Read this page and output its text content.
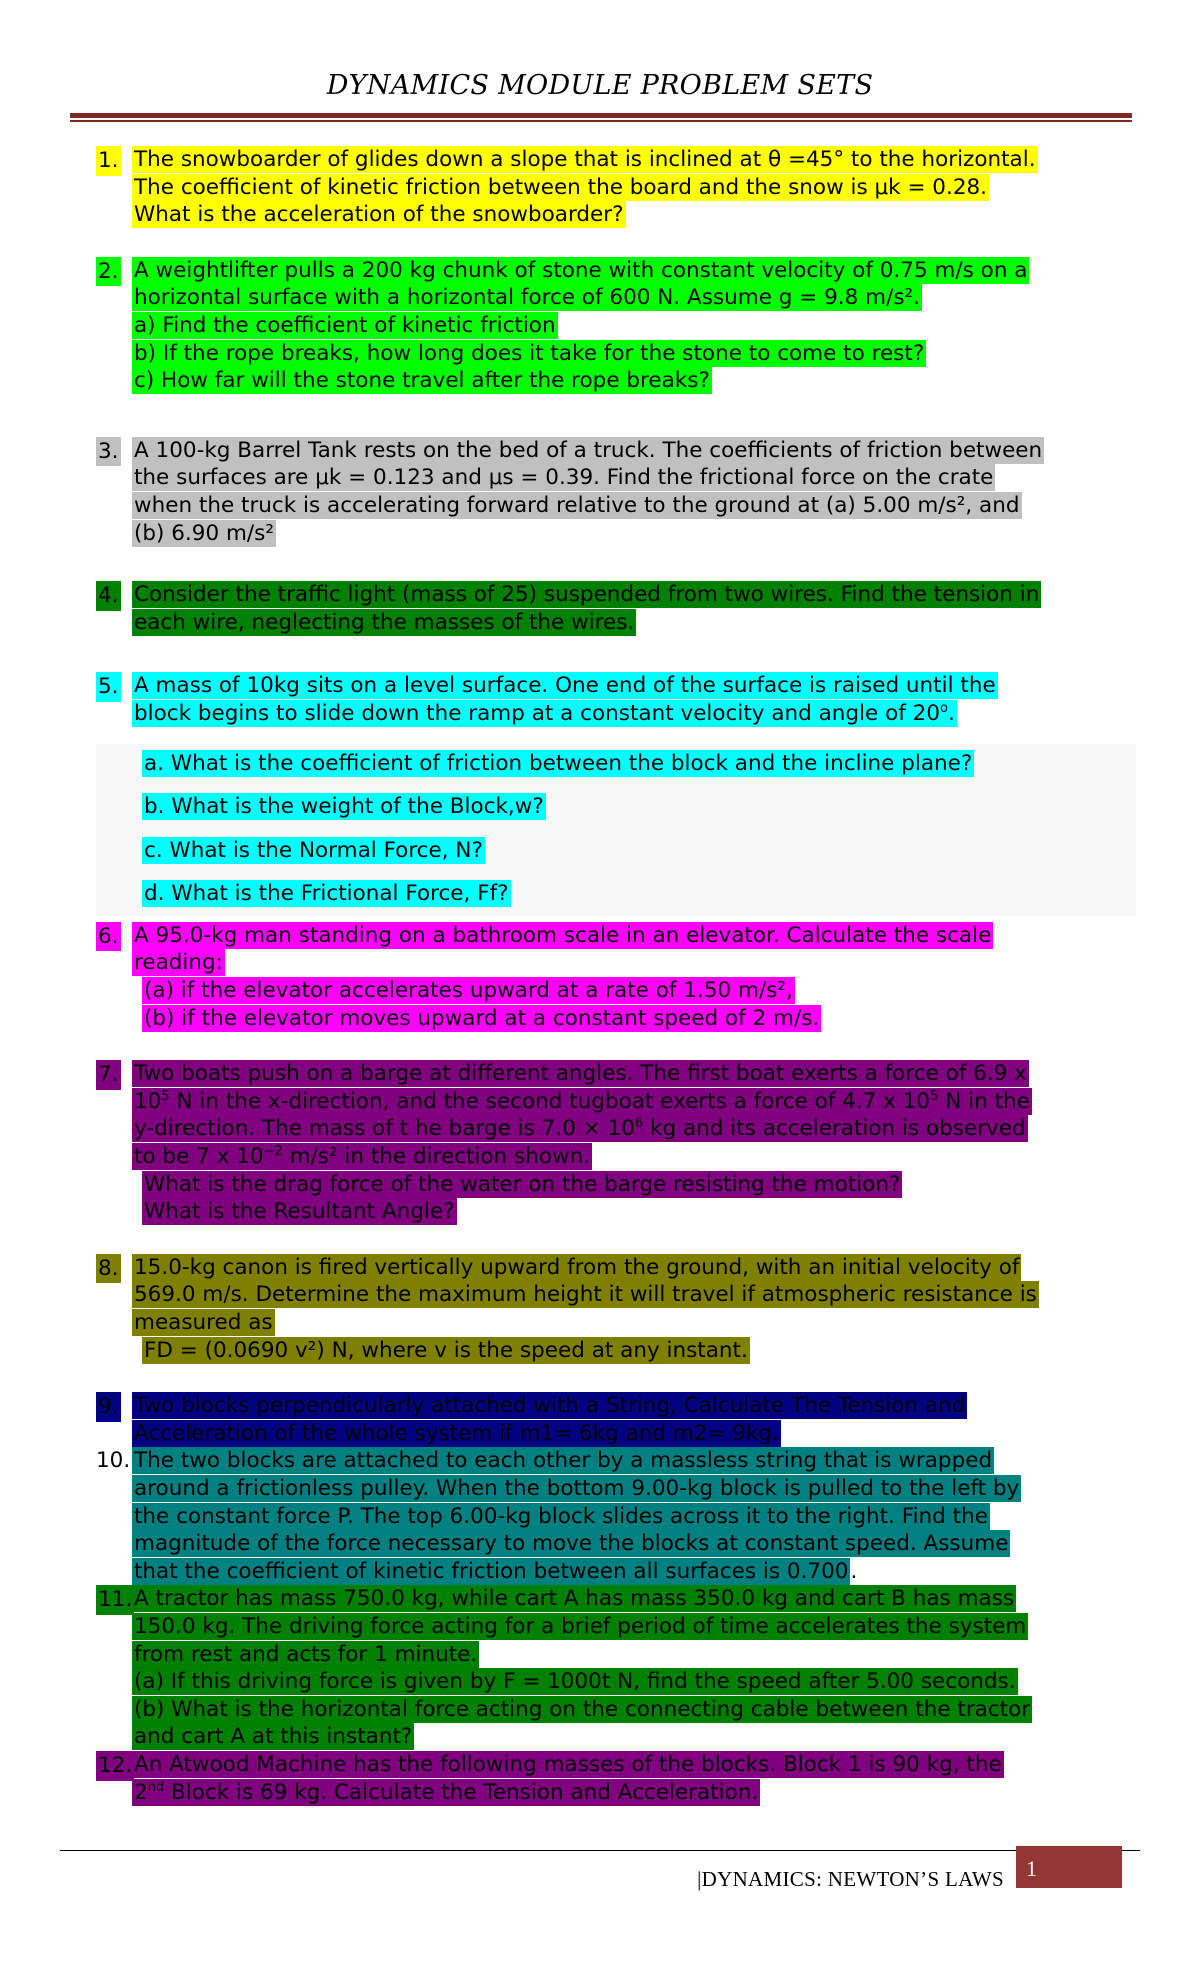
DYNAMICS MODULE PROBLEM SETS
1. The snowboarder of glides down a slope that is inclined at θ =45° to the horizontal.
The coefficient of kinetic friction between the board and the snow is μk = 0.28.
What is the acceleration of the snowboarder?
2. A weightlifter pulls a 200 kg chunk of stone with constant velocity of 0.75 m/s on a
horizontal surface with a horizontal force of 600 N. Assume g = 9.8 m/s².
a) Find the coefficient of kinetic friction
b) If the rope breaks, how long does it take for the stone to come to rest?
c) How far will the stone travel after the rope breaks?
3. A 100-kg Barrel Tank rests on the bed of a truck. The coefficients of friction between
the surfaces are μk = 0.123 and μs = 0.39. Find the frictional force on the crate
when the truck is accelerating forward relative to the ground at (a) 5.00 m/s², and
(b) 6.90 m/s²
4. Consider the traffic light (mass of 25) suspended from two wires. Find the tension in
each wire, neglecting the masses of the wires.
5. A mass of 10kg sits on a level surface. One end of the surface is raised until the
block begins to slide down the ramp at a constant velocity and angle of 20$^o$.
a. What is the coefficient of friction between the block and the incline plane?
b. What is the weight of the Block,w?
c. What is the Normal Force, N?
d. What is the Frictional Force, Ff?
6. A 95.0-kg man standing on a bathroom scale in an elevator. Calculate the scale
reading:
(a) if the elevator accelerates upward at a rate of 1.50 m/s²,
(b) if the elevator moves upward at a constant speed of 2 m/s.
7. Two boats push on a barge at different angles. The first boat exerts a force of 6.9 x
$10^5$ N in the x-direction, and the second tugboat exerts a force of 4.7 x $10^5$ N in the
y-direction. The mass of t he barge is $7.0 \times 10^6$ kg and its acceleration is observed
to be 7 x $10^{-2}$ m/s² in the direction shown.
What is the drag force of the water on the barge resisting the motion?
What is the Resultant Angle?
8. 15.0-kg canon is fired vertically upward from the ground, with an initial velocity of
569.0 m/s. Determine the maximum height it will travel if atmospheric resistance is
measured as
FD = (0.0690 v²) N, where v is the speed at any instant.
9. Two blocks perpendicularly attached with a String, Calculate The Tension and
Acceleration of the whole system if m1= 6kg and m2= 9kg.
10. The two blocks are attached to each other by a massless string that is wrapped
around a frictionless pulley. When the bottom 9.00-kg block is pulled to the left by
the constant force P. The top 6.00-kg block slides across it to the right. Find the
magnitude of the force necessary to move the blocks at constant speed. Assume
that the coefficient of kinetic friction between all surfaces is 0.700.
11. A tractor has mass 750.0 kg, while cart A has mass 350.0 kg and cart B has mass
150.0 kg. The driving force acting for a brief period of time accelerates the system
from rest and acts for 1 minute.
(a) If this driving force is given by F = 1000t N, find the speed after 5.00 seconds.
(b) What is the horizontal force acting on the connecting cable between the tractor
and cart A at this instant?
12. An Atwood Machine has the following masses of the blocks. Block 1 is 90 kg, the
2nd Block is 69 kg. Calculate the Tension and Acceleration.
|DYNAMICS: NEWTON’S LAWS	1
